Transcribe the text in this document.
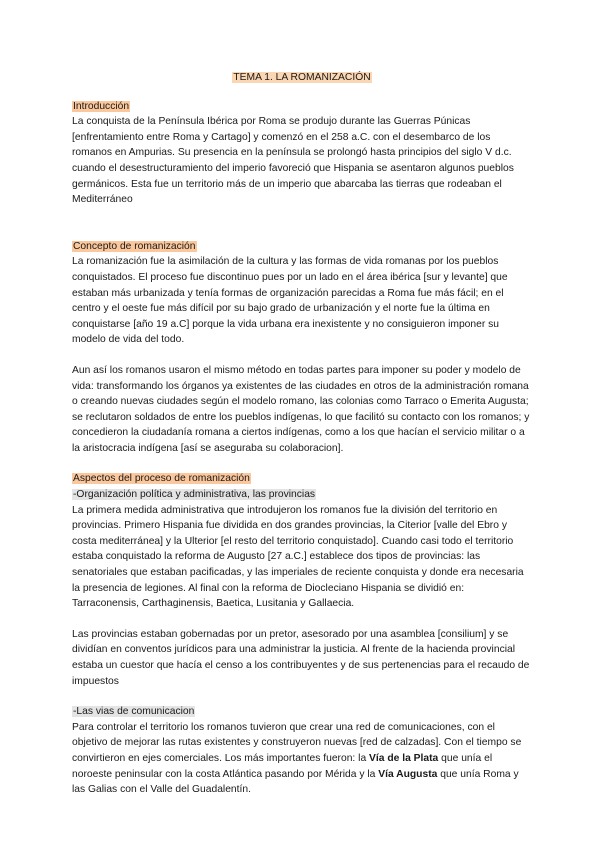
TEMA 1. LA ROMANIZACIÓN
Introducción

La conquista de la Península Ibérica por Roma se produjo durante las Guerras Púnicas [enfrentamiento entre Roma y Cartago] y comenzó en el 258 a.C. con el desembarco de los romanos en Ampurias. Su presencia en la península se prolongó hasta principios del siglo V d.c. cuando el desestructuramiento del imperio favoreció que Hispania se asentaron algunos pueblos germánicos. Esta fue un territorio más de un imperio que abarcaba las tierras que rodeaban el Mediterráneo

Concepto de romanización

La romanización fue la asimilación de la cultura y las formas de vida romanas por los pueblos conquistados. El proceso fue discontinuo pues por un lado en el área ibérica [sur y levante] que estaban más urbanizada y tenía formas de organización parecidas a Roma fue más fácil; en el centro y el oeste fue más difícil por su bajo grado de urbanización y el norte fue la última en conquistarse [año 19 a.C] porque la vida urbana era inexistente y no consiguieron imponer su modelo de vida del todo.

Aun así los romanos usaron el mismo método en todas partes para imponer su poder y modelo de vida: transformando los órganos ya existentes de las ciudades en otros de la administración romana o creando nuevas ciudades según el modelo romano, las colonias como Tarraco o Emerita Augusta; se reclutaron soldados de entre los pueblos indígenas, lo que facilitó su contacto con los romanos; y concedieron la ciudadanía romana a ciertos indígenas, como a los que hacían el servicio militar o a la aristocracia indígena [así se aseguraba su colaboracion].

Aspectos del proceso de romanización
-Organización política y administrativa, las provincias

La primera medida administrativa que introdujeron los romanos fue la división del territorio en provincias. Primero Hispania fue dividida en dos grandes provincias, la Citerior [valle del Ebro y costa mediterránea] y la Ulterior [el resto del territorio conquistado]. Cuando casi todo el territorio estaba conquistado la reforma de Augusto [27 a.C.] establece dos tipos de provincias: las senatoriales que estaban pacificadas, y las imperiales de reciente conquista y donde era necesaria la presencia de legiones. Al final con la reforma de Diocleciano Hispania se dividió en: Tarraconensis, Carthaginensis, Baetica, Lusitania y Gallaecia.

Las provincias estaban gobernadas por un pretor, asesorado por una asamblea [consilium] y se dividían en conventos jurídicos para una administrar la justicia. Al frente de la hacienda provincial estaba un cuestor que hacía el censo a los contribuyentes y de sus pertenencias para el recaudo de impuestos

-Las vias de comunicacion

Para controlar el territorio los romanos tuvieron que crear una red de comunicaciones, con el objetivo de mejorar las rutas existentes y construyeron nuevas [red de calzadas]. Con el tiempo se convirtieron en ejes comerciales. Los más importantes fueron: la Vía de la Plata que unía el noroeste peninsular con la costa Atlántica pasando por Mérida y la Vía Augusta que unía Roma y las Galias con el Valle del Guadalentín.
